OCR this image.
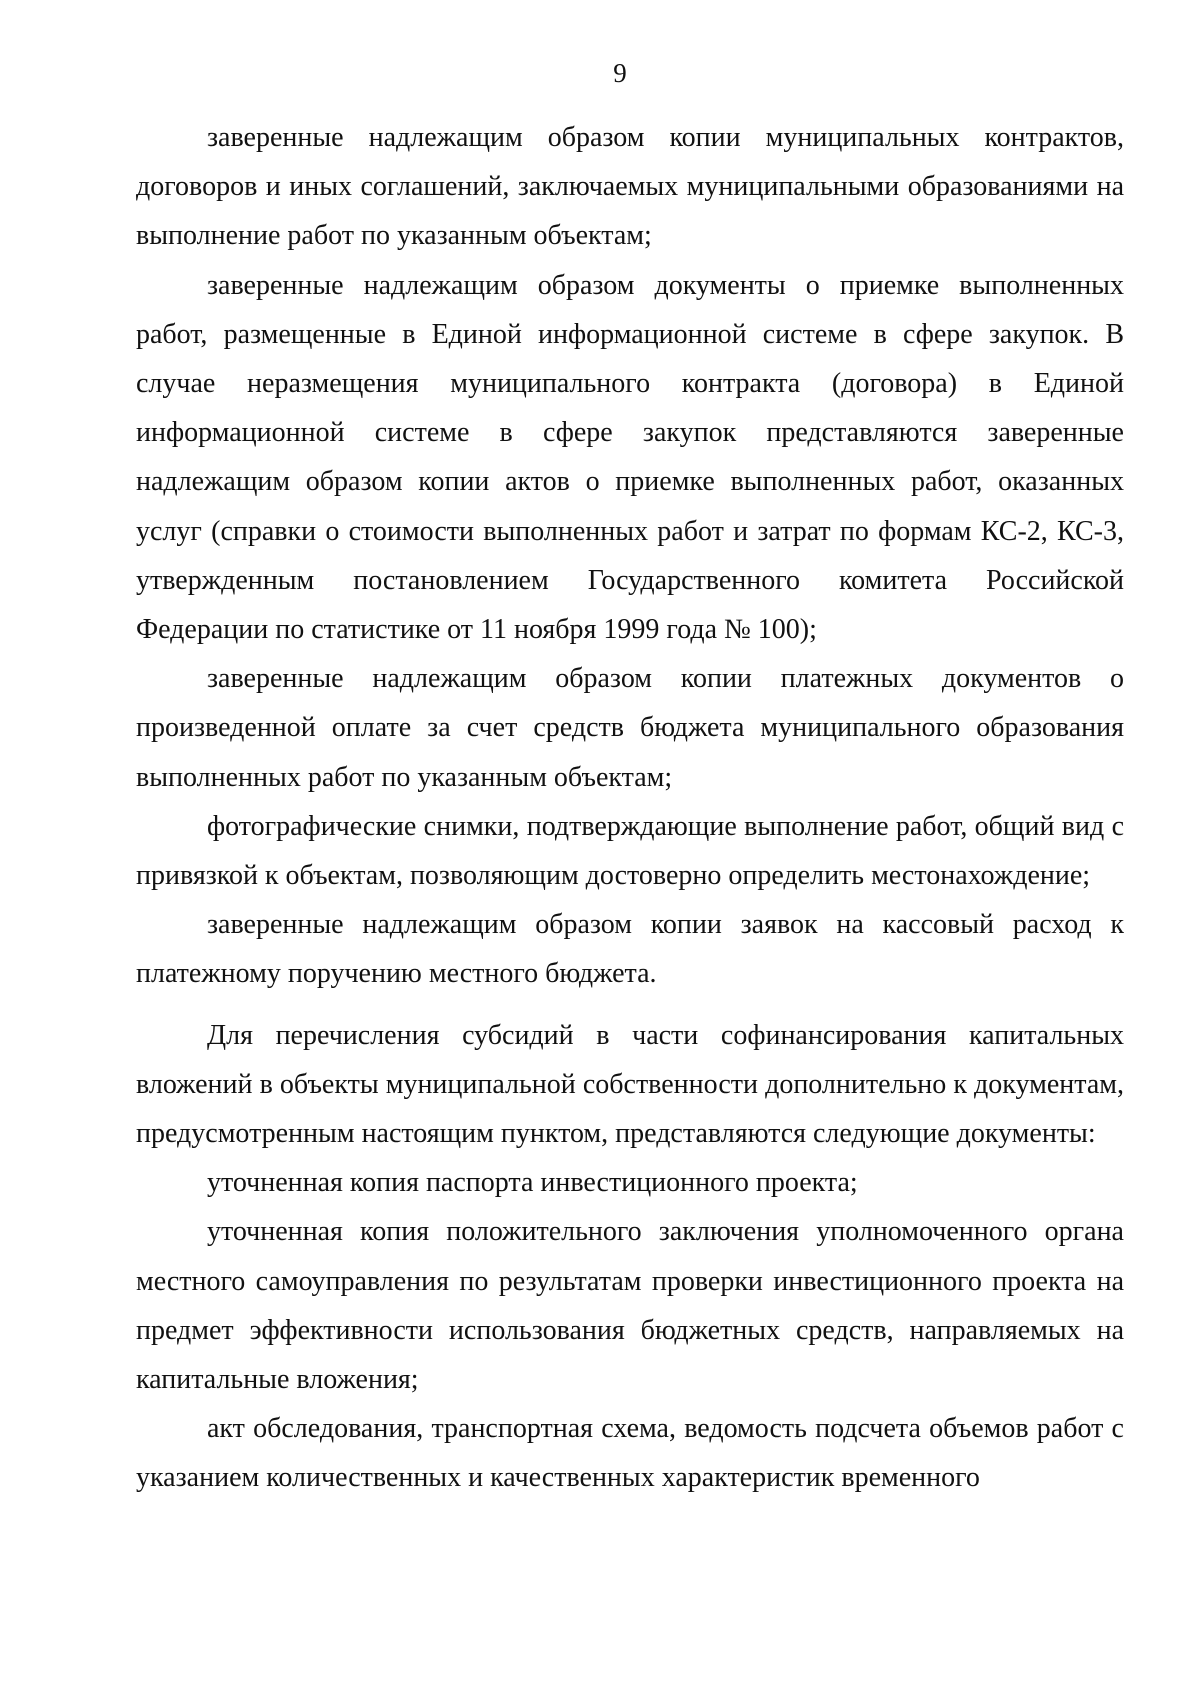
9

заверенные надлежащим образом копии муниципальных контрактов, договоров и иных соглашений, заключаемых муниципальными образованиями на выполнение работ по указанным объектам;

заверенные надлежащим образом документы о приемке выполненных работ, размещенные в Единой информационной системе в сфере закупок. В случае неразмещения муниципального контракта (договора) в Единой информационной системе в сфере закупок представляются заверенные надлежащим образом копии актов о приемке выполненных работ, оказанных услуг (справки о стоимости выполненных работ и затрат по формам КС-2, КС-3, утвержденным постановлением Государственного комитета Российской Федерации по статистике от 11 ноября 1999 года № 100);

заверенные надлежащим образом копии платежных документов о произведенной оплате за счет средств бюджета муниципального образования выполненных работ по указанным объектам;

фотографические снимки, подтверждающие выполнение работ, общий вид с привязкой к объектам, позволяющим достоверно определить местонахождение;

заверенные надлежащим образом копии заявок на кассовый расход к платежному поручению местного бюджета.

Для перечисления субсидий в части софинансирования капитальных вложений в объекты муниципальной собственности дополнительно к документам, предусмотренным настоящим пунктом, представляются следующие документы:

уточненная копия паспорта инвестиционного проекта;

уточненная копия положительного заключения уполномоченного органа местного самоуправления по результатам проверки инвестиционного проекта на предмет эффективности использования бюджетных средств, направляемых на капитальные вложения;

акт обследования, транспортная схема, ведомость подсчета объемов работ с указанием количественных и качественных характеристик временного
